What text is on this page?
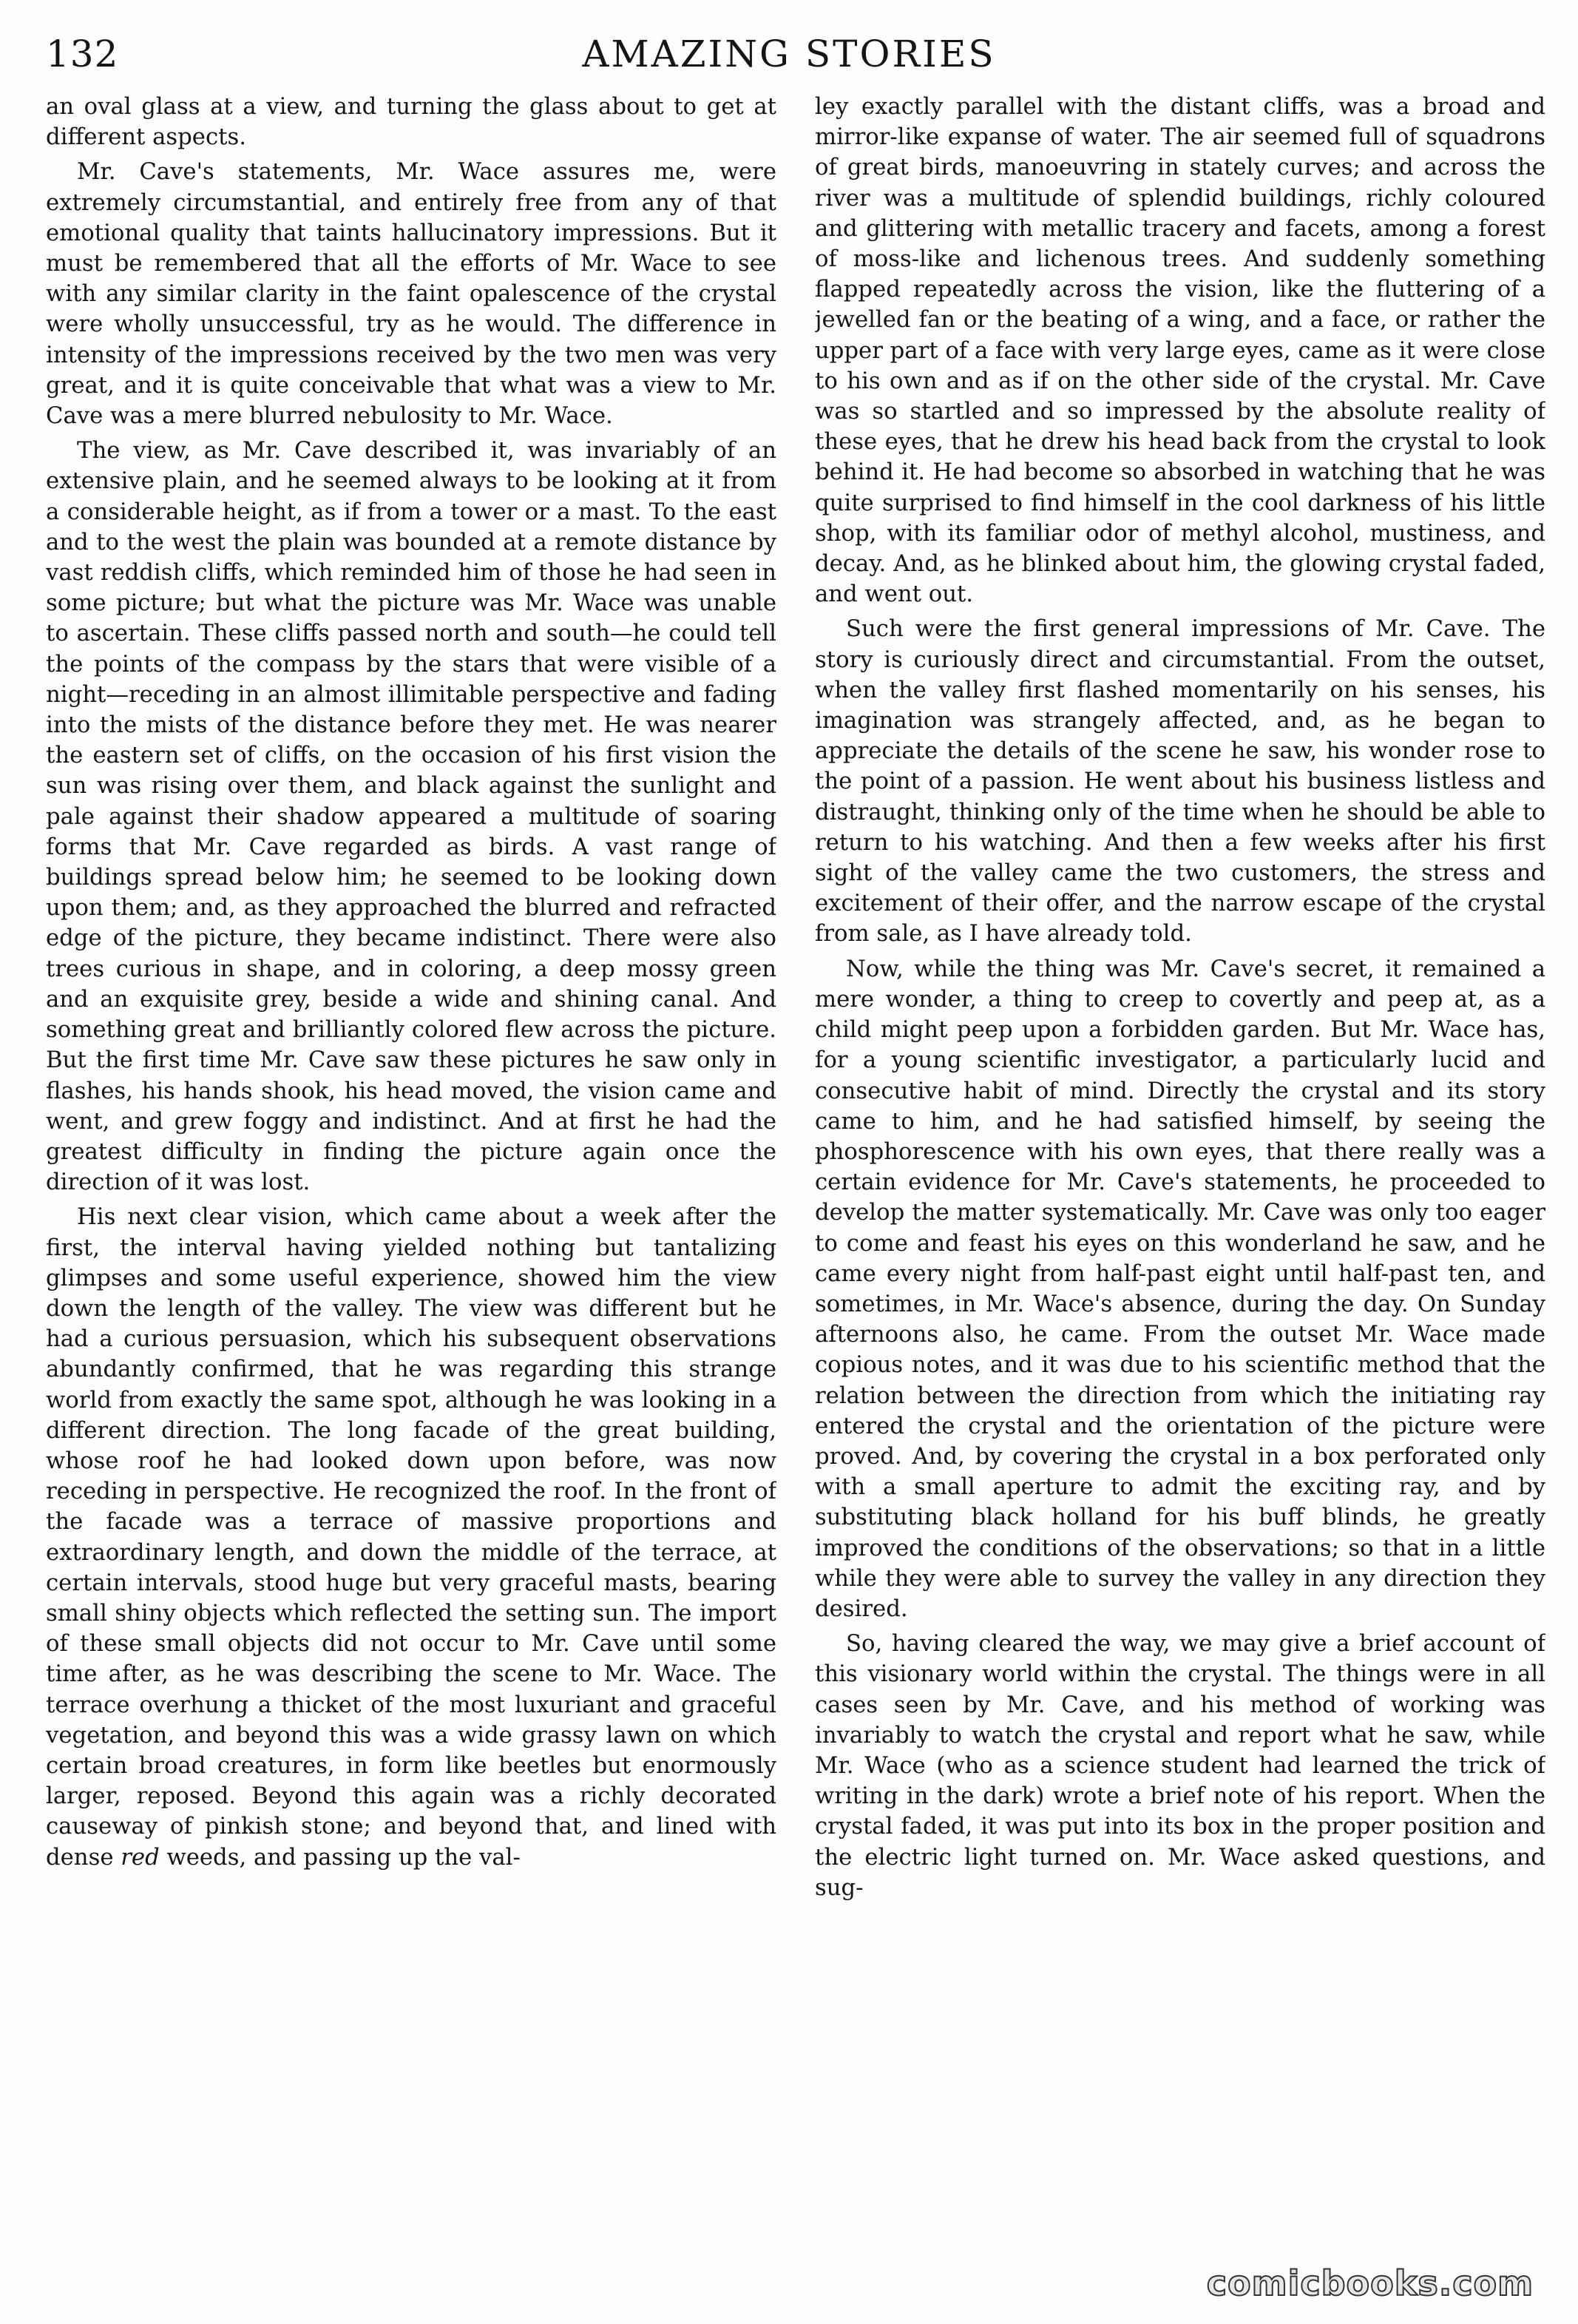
AMAZING STORIES
132

an oval glass at a view, and turning the glass about to get at different aspects.

Mr. Cave's statements, Mr. Wace assures me, were extremely circumstantial, and entirely free from any of that emotional quality that taints hallucinatory impressions. But it must be remembered that all the efforts of Mr. Wace to see with any similar clarity in the faint opalescence of the crystal were wholly unsuccessful, try as he would. The difference in intensity of the impressions received by the two men was very great, and it is quite conceivable that what was a view to Mr. Cave was a mere blurred nebulosity to Mr. Wace.

The view, as Mr. Cave described it, was invariably of an extensive plain, and he seemed always to be looking at it from a considerable height, as if from a tower or a mast. To the east and to the west the plain was bounded at a remote distance by vast reddish cliffs, which reminded him of those he had seen in some picture; but what the picture was Mr. Wace was unable to ascertain. These cliffs passed north and south—he could tell the points of the compass by the stars that were visible of a night—receding in an almost illimitable perspective and fading into the mists of the distance before they met. He was nearer the eastern set of cliffs, on the occasion of his first vision the sun was rising over them, and black against the sunlight and pale against their shadow appeared a multitude of soaring forms that Mr. Cave regarded as birds. A vast range of buildings spread below him; he seemed to be looking down upon them; and, as they approached the blurred and refracted edge of the picture, they became indistinct. There were also trees curious in shape, and in coloring, a deep mossy green and an exquisite grey, beside a wide and shining canal. And something great and brilliantly colored flew across the picture. But the first time Mr. Cave saw these pictures he saw only in flashes, his hands shook, his head moved, the vision came and went, and grew foggy and indistinct. And at first he had the greatest difficulty in finding the picture again once the direction of it was lost.

His next clear vision, which came about a week after the first, the interval having yielded nothing but tantalizing glimpses and some useful experience, showed him the view down the length of the valley. The view was different but he had a curious persuasion, which his subsequent observations abundantly confirmed, that he was regarding this strange world from exactly the same spot, although he was looking in a different direction. The long facade of the great building, whose roof he had looked down upon before, was now receding in perspective. He recognized the roof. In the front of the facade was a terrace of massive proportions and extraordinary length, and down the middle of the terrace, at certain intervals, stood huge but very graceful masts, bearing small shiny objects which reflected the setting sun. The import of these small objects did not occur to Mr. Cave until some time after, as he was describing the scene to Mr. Wace. The terrace overhung a thicket of the most luxuriant and graceful vegetation, and beyond this was a wide grassy lawn on which certain broad creatures, in form like beetles but enormously larger, reposed. Beyond this again was a richly decorated causeway of pinkish stone; and beyond that, and lined with dense red weeds, and passing up the val-

ley exactly parallel with the distant cliffs, was a broad and mirror-like expanse of water. The air seemed full of squadrons of great birds, manoeuvring in stately curves; and across the river was a multitude of splendid buildings, richly coloured and glittering with metallic tracery and facets, among a forest of moss-like and lichenous trees. And suddenly something flapped repeatedly across the vision, like the fluttering of a jewelled fan or the beating of a wing, and a face, or rather the upper part of a face with very large eyes, came as it were close to his own and as if on the other side of the crystal. Mr. Cave was so startled and so impressed by the absolute reality of these eyes, that he drew his head back from the crystal to look behind it. He had become so absorbed in watching that he was quite surprised to find himself in the cool darkness of his little shop, with its familiar odor of methyl alcohol, mustiness, and decay. And, as he blinked about him, the glowing crystal faded, and went out.

Such were the first general impressions of Mr. Cave. The story is curiously direct and circumstantial. From the outset, when the valley first flashed momentarily on his senses, his imagination was strangely affected, and, as he began to appreciate the details of the scene he saw, his wonder rose to the point of a passion. He went about his business listless and distraught, thinking only of the time when he should be able to return to his watching. And then a few weeks after his first sight of the valley came the two customers, the stress and excitement of their offer, and the narrow escape of the crystal from sale, as I have already told.

Now, while the thing was Mr. Cave's secret, it remained a mere wonder, a thing to creep to covertly and peep at, as a child might peep upon a forbidden garden. But Mr. Wace has, for a young scientific investigator, a particularly lucid and consecutive habit of mind. Directly the crystal and its story came to him, and he had satisfied himself, by seeing the phosphorescence with his own eyes, that there really was a certain evidence for Mr. Cave's statements, he proceeded to develop the matter systematically. Mr. Cave was only too eager to come and feast his eyes on this wonderland he saw, and he came every night from half-past eight until half-past ten, and sometimes, in Mr. Wace's absence, during the day. On Sunday afternoons also, he came. From the outset Mr. Wace made copious notes, and it was due to his scientific method that the relation between the direction from which the initiating ray entered the crystal and the orientation of the picture were proved. And, by covering the crystal in a box perforated only with a small aperture to admit the exciting ray, and by substituting black holland for his buff blinds, he greatly improved the conditions of the observations; so that in a little while they were able to survey the valley in any direction they desired.

So, having cleared the way, we may give a brief account of this visionary world within the crystal. The things were in all cases seen by Mr. Cave, and his method of working was invariably to watch the crystal and report what he saw, while Mr. Wace (who as a science student had learned the trick of writing in the dark) wrote a brief note of his report. When the crystal faded, it was put into its box in the proper position and the electric light turned on. Mr. Wace asked questions, and sug-

comicbooks.com
